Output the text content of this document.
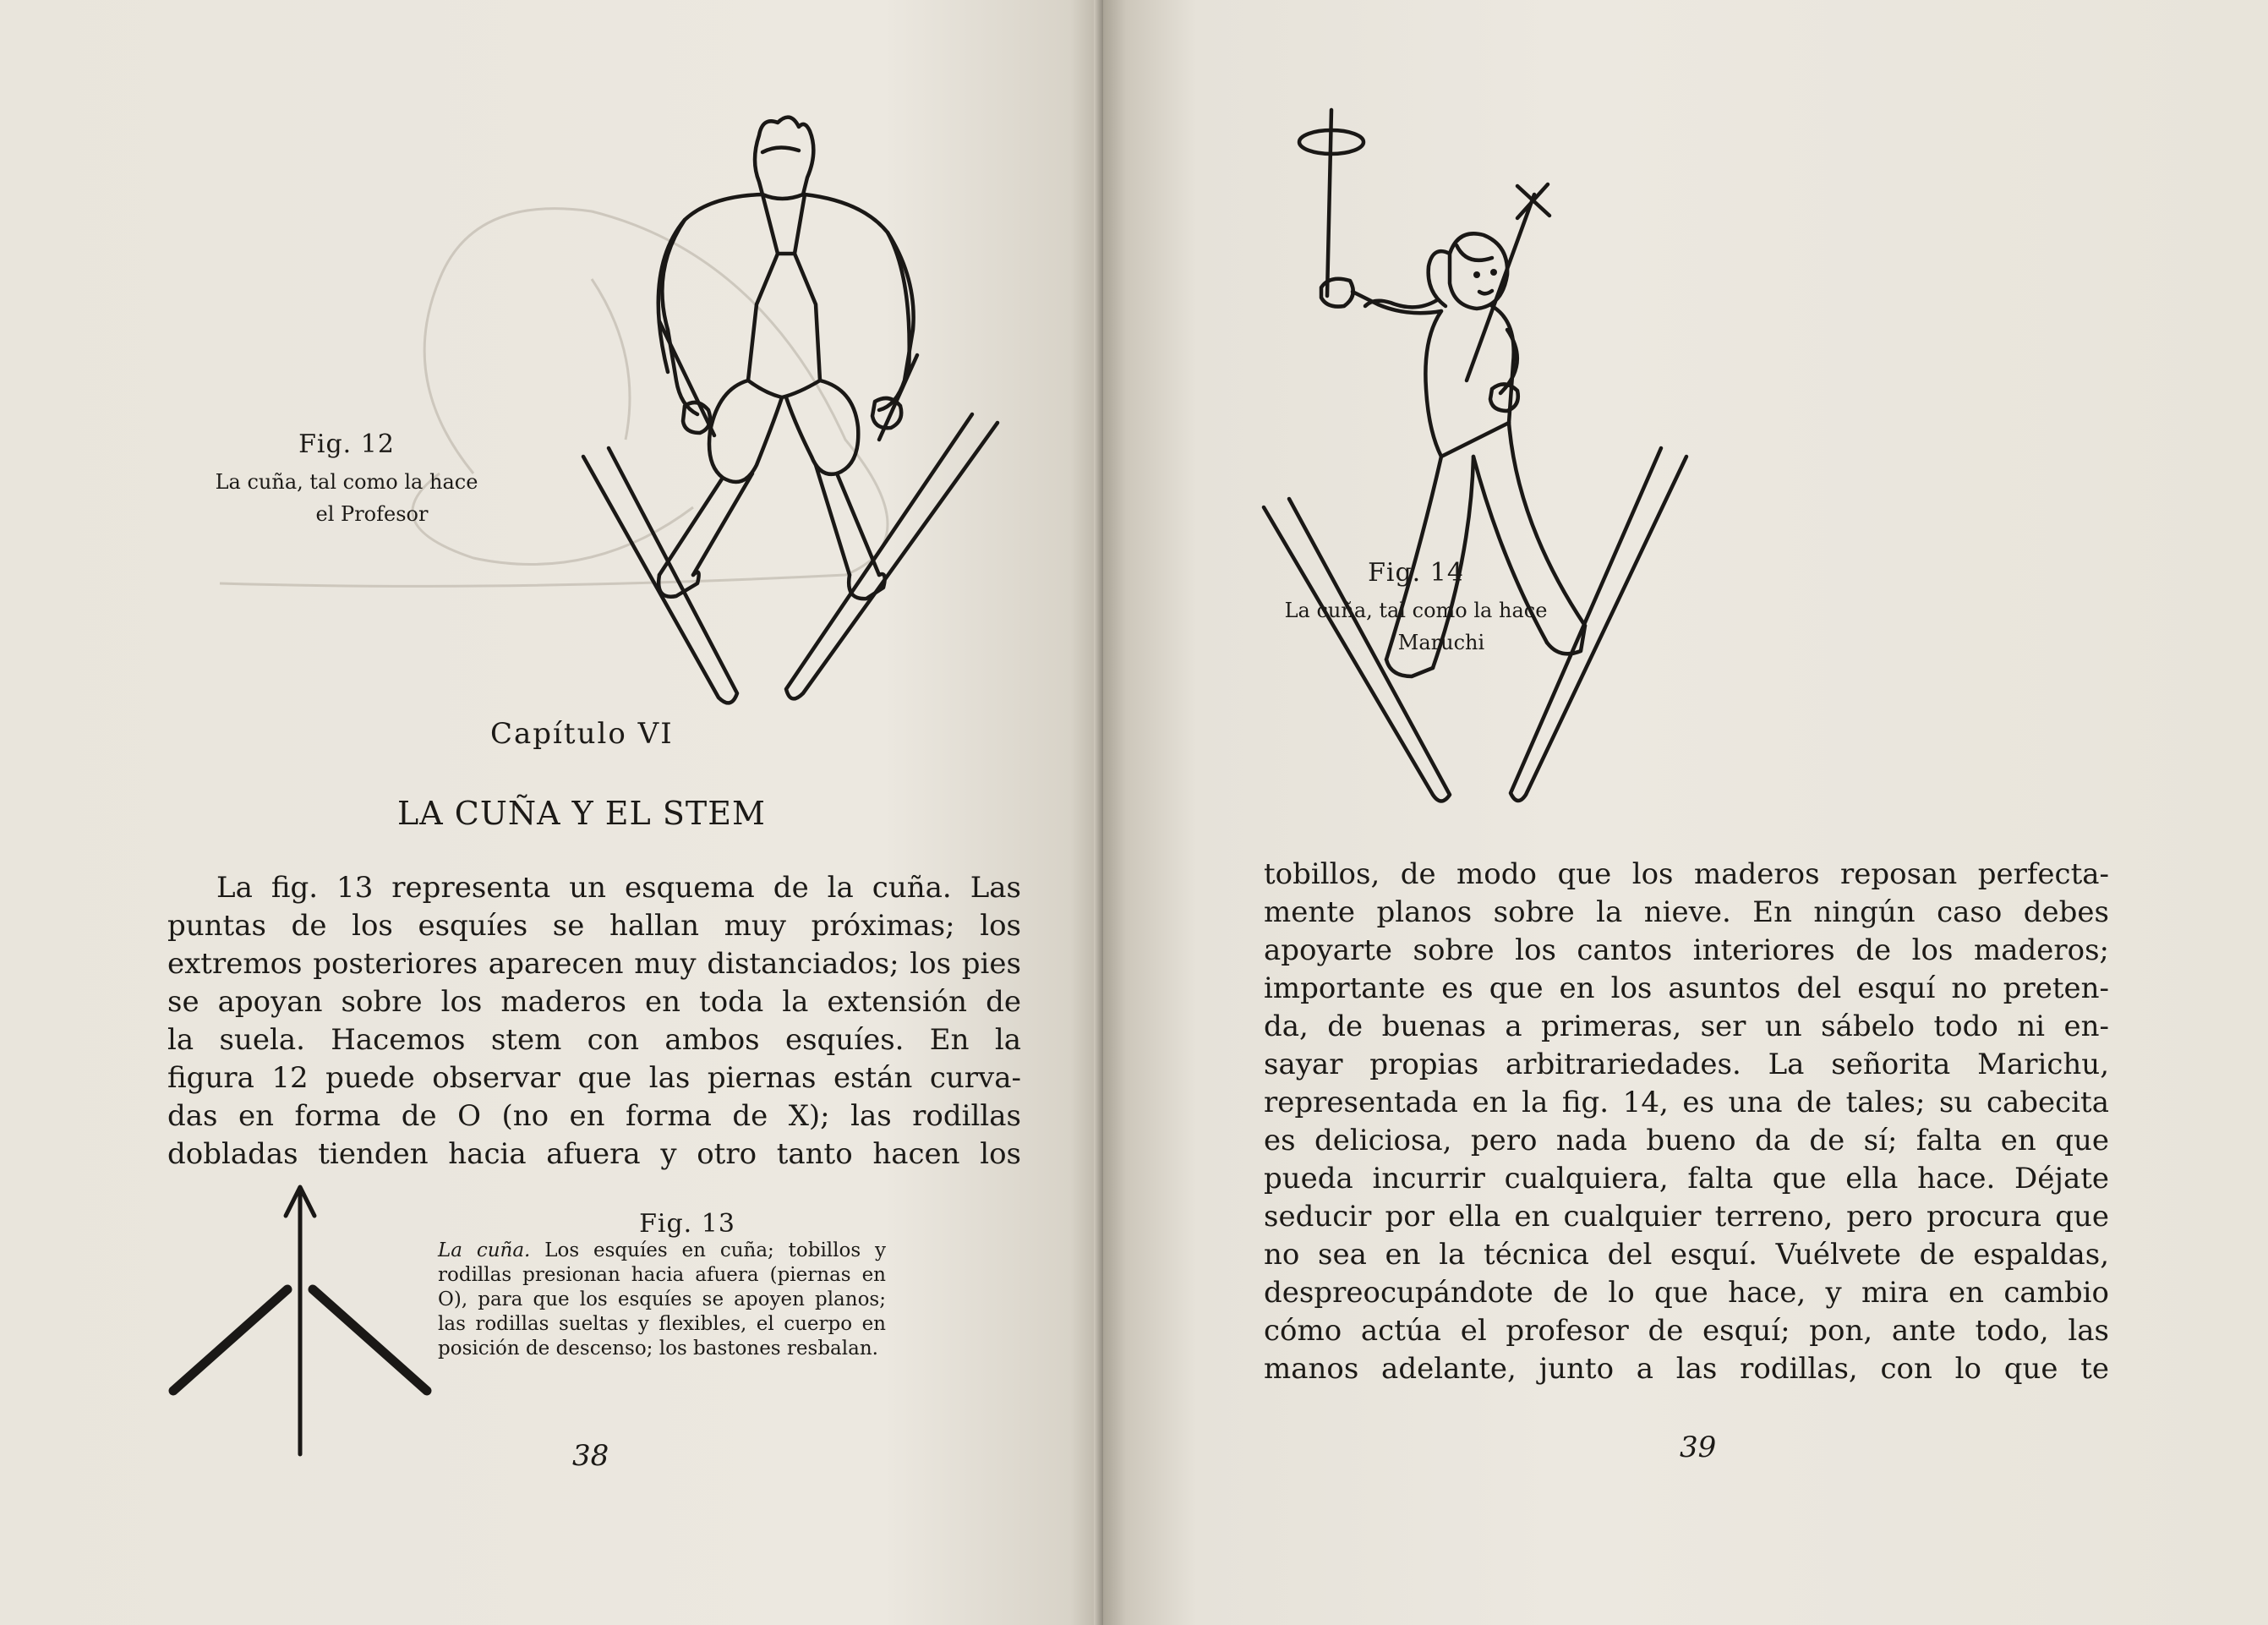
Fig. 12
La cuña, tal como la hace
el Profesor
Capítulo VI
LA CUÑA Y EL STEM
La fig. 13 representa un esquema de la cuña. Las
puntas de los esquíes se hallan muy próximas; los
extremos posteriores aparecen muy distanciados; los pies
se apoyan sobre los maderos en toda la extensión de
la suela. Hacemos stem con ambos esquíes. En la
figura 12 puede observar que las piernas están curva-
das en forma de O (no en forma de X); las rodillas
dobladas tienden hacia afuera y otro tanto hacen los
Fig. 13
La cuña. Los esquíes en cuña; tobillos y rodillas presionan hacia afuera (piernas en O), para que los esquíes se apoyen planos; las rodillas sueltas y flexibles, el cuerpo en posición de descenso; los bastones resbalan.
38
Fig. 14
La cuña, tal como la hace
Maruchi
tobillos, de modo que los maderos reposan perfecta-
mente planos sobre la nieve. En ningún caso debes
apoyarte sobre los cantos interiores de los maderos;
importante es que en los asuntos del esquí no preten-
da, de buenas a primeras, ser un sábelo todo ni en-
sayar propias arbitrariedades. La señorita Marichu,
representada en la fig. 14, es una de tales; su cabecita
es deliciosa, pero nada bueno da de sí; falta en que
pueda incurrir cualquiera, falta que ella hace. Déjate
seducir por ella en cualquier terreno, pero procura que
no sea en la técnica del esquí. Vuélvete de espaldas,
despreocupándote de lo que hace, y mira en cambio
cómo actúa el profesor de esquí; pon, ante todo, las
manos adelante, junto a las rodillas, con lo que te
39
